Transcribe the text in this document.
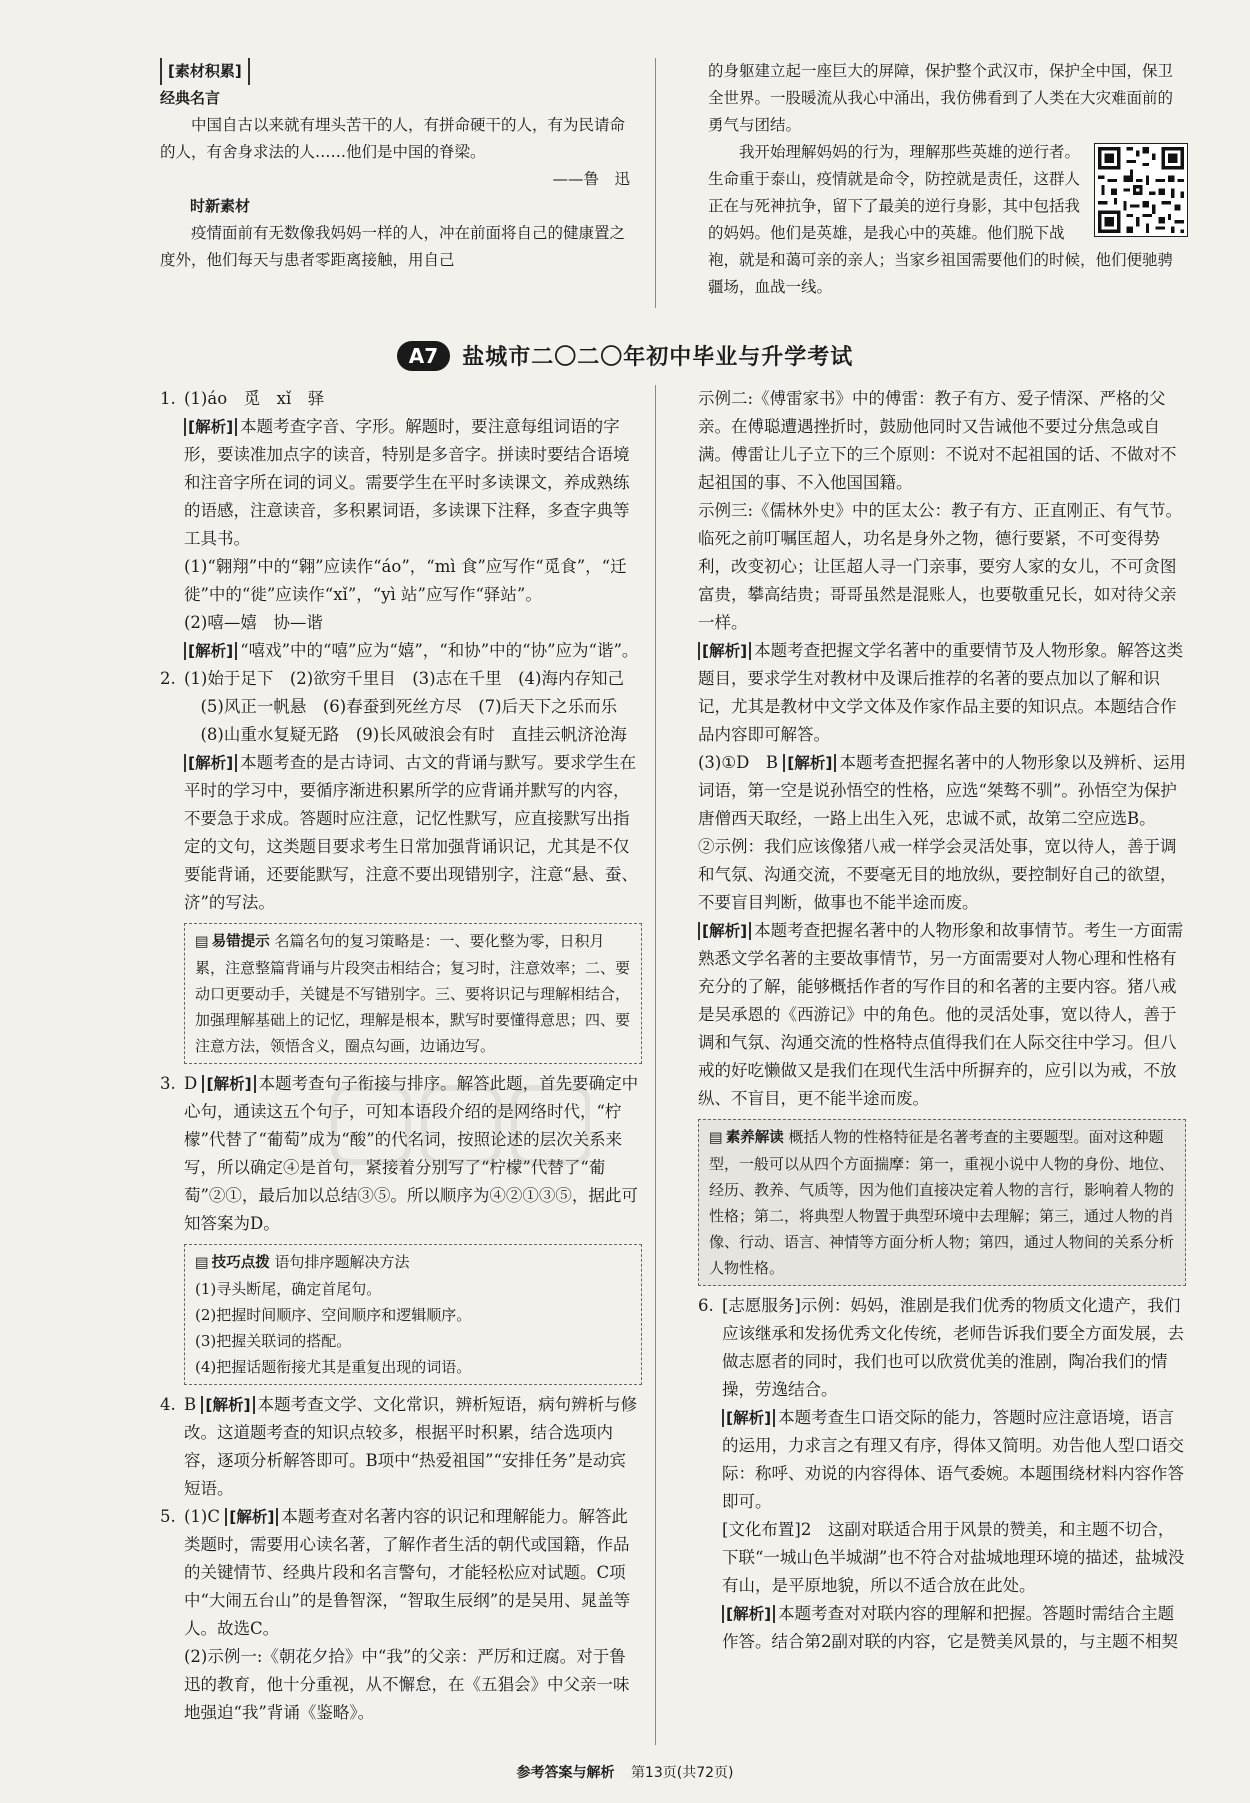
[素材积累]
经典名言

中国自古以来就有埋头苦干的人，有拼命硬干的人，有为民请命的人，有舍身求法的人……他们是中国的脊梁。

——鲁　迅

时新素材

疫情面前有无数像我妈妈一样的人，冲在前面将自己的健康置之度外，他们每天与患者零距离接触，用自己

的身躯建立起一座巨大的屏障，保护整个武汉市，保护全中国，保卫全世界。一股暖流从我心中涌出，我仿佛看到了人类在大灾难面前的勇气与团结。

我开始理解妈妈的行为，理解那些英雄的逆行者。生命重于泰山，疫情就是命令，防控就是责任，这群人正在与死神抗争，留下了最美的逆行身影，其中包括我的妈妈。他们是英雄，是我心中的英雄。他们脱下战袍，就是和蔼可亲的亲人；当家乡祖国需要他们的时候，他们便驰骋疆场，血战一线。

A7	盐城市二〇二〇年初中毕业与升学考试
1. (1)áo　觅　xǐ　驿

[解析] 本题考查字音、字形。解题时，要注意每组词语的字形，要读准加点字的读音，特别是多音字。拼读时要结合语境和注音字所在词的词义。需要学生在平时多读课文，养成熟练的语感，注意读音，多积累词语，多读课下注释，多查字典等工具书。

(1)“翱翔”中的“翱”应读作“áo”，“mì 食”应写作“觅食”，“迁徙”中的“徙”应读作“xǐ”，“yì 站”应写作“驿站”。

(2)嘻—嬉　协—谐

[解析] “嘻戏”中的“嘻”应为“嬉”，“和协”中的“协”应为“谐”。

2. (1)始于足下　(2)欲穷千里目　(3)志在千里　(4)海内存知己

(5)风正一帆悬　(6)春蚕到死丝方尽　(7)后天下之乐而乐

(8)山重水复疑无路　(9)长风破浪会有时　直挂云帆济沧海

[解析] 本题考查的是古诗词、古文的背诵与默写。要求学生在平时的学习中，要循序渐进积累所学的应背诵并默写的内容，不要急于求成。答题时应注意，记忆性默写，应直接默写出指定的文句，这类题目要求考生日常加强背诵识记，尤其是不仅要能背诵，还要能默写，注意不要出现错别字，注意“悬、蚕、济”的写法。

▤ 易错提示 名篇名句的复习策略是：一、要化整为零，日积月累，注意整篇背诵与片段突击相结合；复习时，注意效率；二、要动口更要动手，关键是不写错别字。三、要将识记与理解相结合，加强理解基础上的记忆，理解是根本，默写时要懂得意思；四、要注意方法，领悟含义，圈点勾画，边诵边写。
3. D [解析] 本题考查句子衔接与排序。解答此题，首先要确定中心句，通读这五个句子，可知本语段介绍的是网络时代，“柠檬”代替了“葡萄”成为“酸”的代名词，按照论述的层次关系来写，所以确定④是首句，紧接着分别写了“柠檬”代替了“葡萄”②①，最后加以总结③⑤。所以顺序为④②①③⑤，据此可知答案为D。

▤ 技巧点拨 语句排序题解决方法

(1)寻头断尾，确定首尾句。

(2)把握时间顺序、空间顺序和逻辑顺序。

(3)把握关联词的搭配。

(4)把握话题衔接尤其是重复出现的词语。

4. B [解析] 本题考查文学、文化常识，辨析短语，病句辨析与修改。这道题考查的知识点较多，根据平时积累，结合选项内容，逐项分析解答即可。B项中“热爱祖国”“安排任务”是动宾短语。

5. (1)C [解析] 本题考查对名著内容的识记和理解能力。解答此类题时，需要用心读名著，了解作者生活的朝代或国籍，作品的关键情节、经典片段和名言警句，才能轻松应对试题。C项中“大闹五台山”的是鲁智深，“智取生辰纲”的是吴用、晁盖等人。故选C。

(2)示例一:《朝花夕拾》中“我”的父亲：严厉和迂腐。对于鲁迅的教育，他十分重视，从不懈怠，在《五猖会》中父亲一味地强迫“我”背诵《鉴略》。

示例二:《傅雷家书》中的傅雷：教子有方、爱子情深、严格的父亲。在傅聪遭遇挫折时，鼓励他同时又告诫他不要过分焦急或自满。傅雷让儿子立下的三个原则：不说对不起祖国的话、不做对不起祖国的事、不入他国国籍。

示例三:《儒林外史》中的匡太公：教子有方、正直刚正、有气节。临死之前叮嘱匡超人，功名是身外之物，德行要紧，不可变得势利，改变初心；让匡超人寻一门亲事，要穷人家的女儿，不可贪图富贵，攀高结贵；哥哥虽然是混账人，也要敬重兄长，如对待父亲一样。

[解析] 本题考查把握文学名著中的重要情节及人物形象。解答这类题目，要求学生对教材中及课后推荐的名著的要点加以了解和识记，尤其是教材中文学文体及作家作品主要的知识点。本题结合作品内容即可解答。

(3)①D　B [解析] 本题考查把握名著中的人物形象以及辨析、运用词语，第一空是说孙悟空的性格，应选“桀骜不驯”。孙悟空为保护唐僧西天取经，一路上出生入死，忠诚不贰，故第二空应选B。

②示例：我们应该像猪八戒一样学会灵活处事，宽以待人，善于调和气氛、沟通交流，不要毫无目的地放纵，要控制好自己的欲望，不要盲目判断，做事也不能半途而废。

[解析] 本题考查把握名著中的人物形象和故事情节。考生一方面需熟悉文学名著的主要故事情节，另一方面需要对人物心理和性格有充分的了解，能够概括作者的写作目的和名著的主要内容。猪八戒是吴承恩的《西游记》中的角色。他的灵活处事，宽以待人，善于调和气氛、沟通交流的性格特点值得我们在人际交往中学习。但八戒的好吃懒做又是我们在现代生活中所摒弃的，应引以为戒，不放纵、不盲目，更不能半途而废。

▤ 素养解读 概括人物的性格特征是名著考查的主要题型。面对这种题型，一般可以从四个方面揣摩：第一，重视小说中人物的身份、地位、经历、教养、气质等，因为他们直接决定着人物的言行，影响着人物的性格；第二，将典型人物置于典型环境中去理解；第三，通过人物的肖像、行动、语言、神情等方面分析人物；第四，通过人物间的关系分析人物性格。
6. [志愿服务]示例：妈妈，淮剧是我们优秀的物质文化遗产，我们应该继承和发扬优秀文化传统，老师告诉我们要全方面发展，去做志愿者的同时，我们也可以欣赏优美的淮剧，陶冶我们的情操，劳逸结合。

[解析] 本题考查生口语交际的能力，答题时应注意语境，语言的运用，力求言之有理又有序，得体又简明。劝告他人型口语交际：称呼、劝说的内容得体、语气委婉。本题围绕材料内容作答即可。

[文化布置]2　这副对联适合用于风景的赞美，和主题不切合，下联“一城山色半城湖”也不符合对盐城地理环境的描述，盐城没有山，是平原地貌，所以不适合放在此处。

[解析] 本题考查对对联内容的理解和把握。答题时需结合主题作答。结合第2副对联的内容，它是赞美风景的，与主题不相契

参考答案与解析 第13页(共72页)
